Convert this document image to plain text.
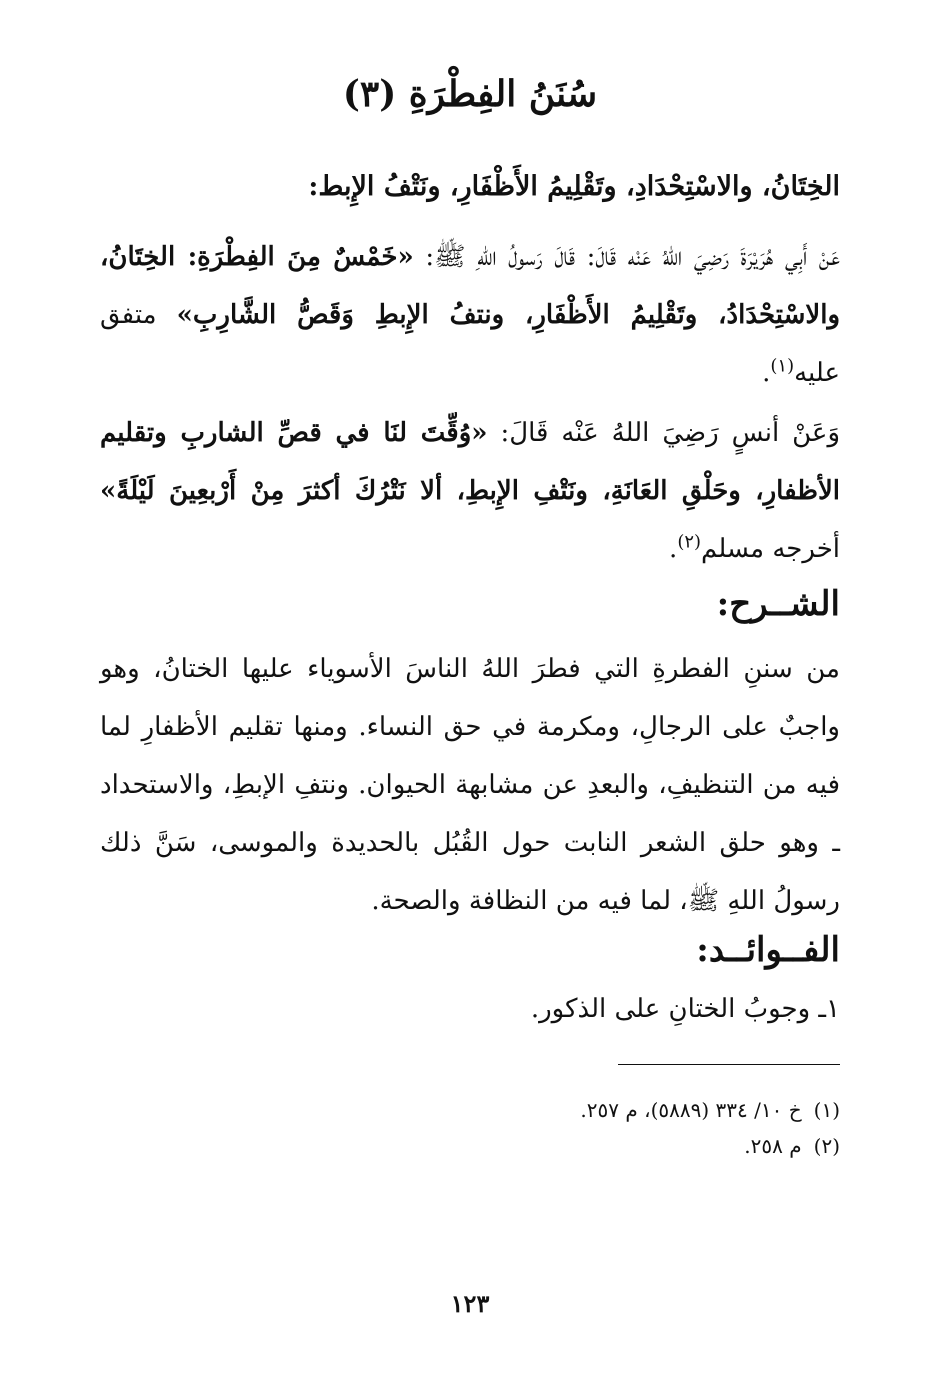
سُنَنُ الفِطْرَةِ (٣)
الخِتَانُ، والاسْتِحْدَادِ، وتَقْلِيمُ الأَظْفَارِ، ونَتْفُ الإِبط:

عَنْ أَبِي هُرَيْرَةَ رَضِيَ اللهُ عَنْه قَالَ: قَالَ رَسولُ اللهِ ﷺ: «خَمْسٌ مِنَ الفِطْرَةِ: الخِتَانُ، والاسْتِحْدَادُ، وتَقْلِيمُ الأَظْفَارِ، ونتفُ الإِبطِ وَقَصُّ الشَّارِبِ» متفق عليه$^{(١)}$.

وَعَنْ أنسٍ رَضِيَ اللهُ عَنْه قَالَ: «وُقِّتَ لنَا في قصِّ الشاربِ وتقليم الأظفارِ، وحَلْقِ العَانَةِ، ونَتْفِ الإِبطِ، ألا نَتْرُكَ أكثرَ مِنْ أَرْبعِينَ لَيْلَةً» أخرجه مسلم$^{(٢)}$.

الشــرح:

من سننِ الفطرةِ التي فطرَ اللهُ الناسَ الأسوياء عليها الختانُ، وهو واجبٌ على الرجالِ، ومكرمة في حق النساء. ومنها تقليم الأظفارِ لما فيه من التنظيفِ، والبعدِ عن مشابهة الحيوان. ونتفِ الإبطِ، والاستحداد ـ وهو حلق الشعر النابت حول القُبُل بالحديدة والموسى، سَنَّ ذلك رسولُ اللهِ ﷺ، لما فيه من النظافة والصحة.

الفــوائــد:

١ـ وجوبُ الختانِ على الذكور.

(١)خ ١٠/ ٣٣٤ (٥٨٨٩)، م ٢٥٧.
(٢)م ٢٥٨.
١٢٣
